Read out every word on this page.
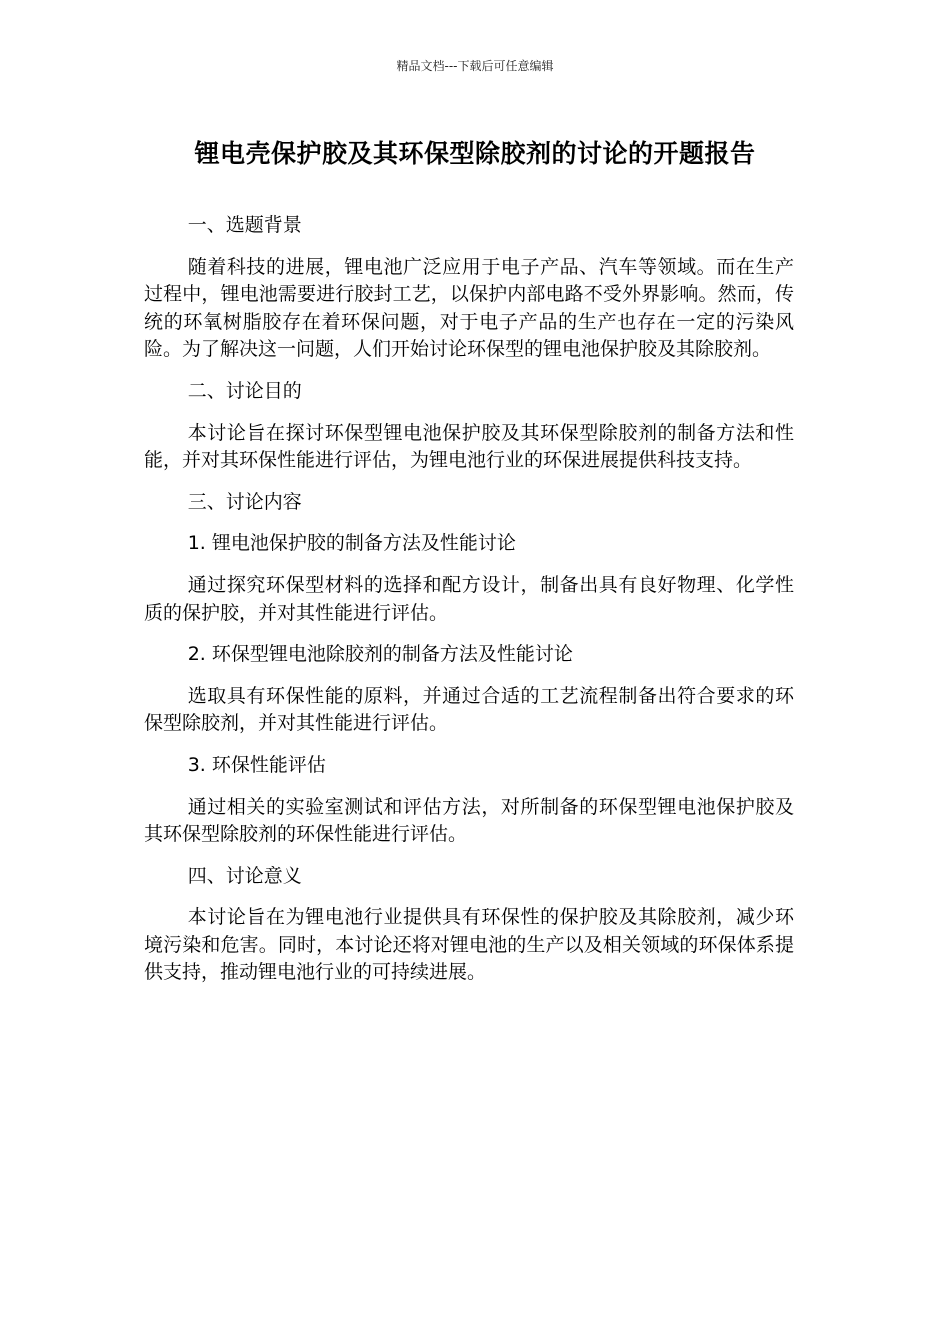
精品文档---下载后可任意编辑
锂电壳保护胶及其环保型除胶剂的讨论的开题报告

一、选题背景

随着科技的进展，锂电池广泛应用于电子产品、汽车等领域。而在生产过程中，锂电池需要进行胶封工艺，以保护内部电路不受外界影响。然而，传统的环氧树脂胶存在着环保问题，对于电子产品的生产也存在一定的污染风险。为了解决这一问题，人们开始讨论环保型的锂电池保护胶及其除胶剂。

二、讨论目的

本讨论旨在探讨环保型锂电池保护胶及其环保型除胶剂的制备方法和性能，并对其环保性能进行评估，为锂电池行业的环保进展提供科技支持。

三、讨论内容

1. 锂电池保护胶的制备方法及性能讨论

通过探究环保型材料的选择和配方设计，制备出具有良好物理、化学性质的保护胶，并对其性能进行评估。

2. 环保型锂电池除胶剂的制备方法及性能讨论

选取具有环保性能的原料，并通过合适的工艺流程制备出符合要求的环保型除胶剂，并对其性能进行评估。

3. 环保性能评估

通过相关的实验室测试和评估方法，对所制备的环保型锂电池保护胶及其环保型除胶剂的环保性能进行评估。

四、讨论意义

本讨论旨在为锂电池行业提供具有环保性的保护胶及其除胶剂，减少环境污染和危害。同时，本讨论还将对锂电池的生产以及相关领域的环保体系提供支持，推动锂电池行业的可持续进展。
